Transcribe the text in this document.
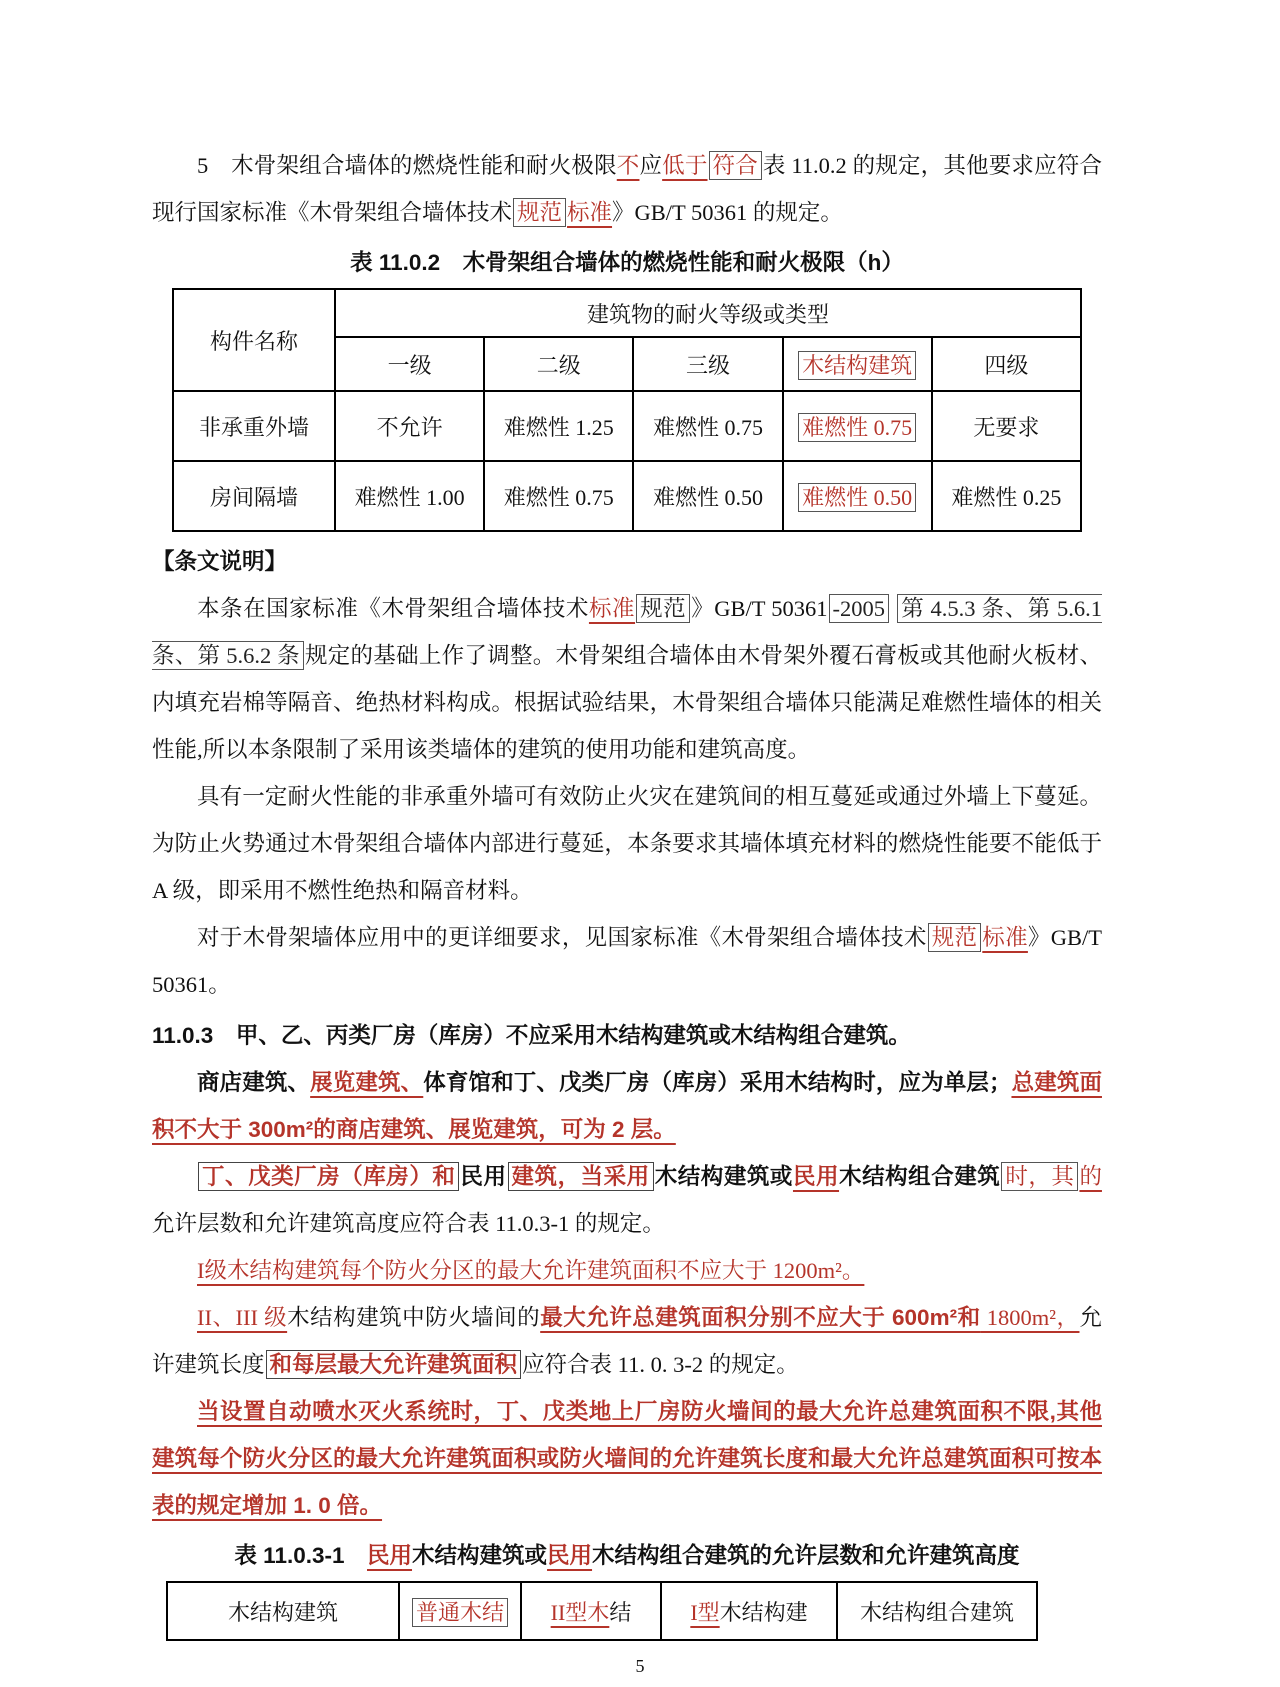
5　木骨架组合墙体的燃烧性能和耐火极限不应低于 符合 表 11.0.2 的规定，其他要求应符合现行国家标准《木骨架组合墙体技术 规范 标准》GB/T 50361 的规定。

表 11.0.2　木骨架组合墙体的燃烧性能和耐火极限（h）

构件名称	建筑物的耐火等级或类型				
	一级	二级	三级	木结构建筑	四级
非承重外墙	不允许	难燃性 1.25	难燃性 0.75	难燃性 0.75	无要求
房间隔墙	难燃性 1.00	难燃性 0.75	难燃性 0.50	难燃性 0.50	难燃性 0.25

【条文说明】

本条在国家标准《木骨架组合墙体技术标准 规范 》GB/T 50361 -2005 第 4.5.3 条、第 5.6.1 条、第 5.6.2 条 规定的基础上作了调整。木骨架组合墙体由木骨架外覆石膏板或其他耐火板材、内填充岩棉等隔音、绝热材料构成。根据试验结果，木骨架组合墙体只能满足难燃性墙体的相关性能,所以本条限制了采用该类墙体的建筑的使用功能和建筑高度。

具有一定耐火性能的非承重外墙可有效防止火灾在建筑间的相互蔓延或通过外墙上下蔓延。为防止火势通过木骨架组合墙体内部进行蔓延，本条要求其墙体填充材料的燃烧性能要不能低于 A 级，即采用不燃性绝热和隔音材料。

对于木骨架墙体应用中的更详细要求，见国家标准《木骨架组合墙体技术 规范 标准》GB/T 50361。

11.0.3　甲、乙、丙类厂房（库房）不应采用木结构建筑或木结构组合建筑。

商店建筑、展览建筑、体育馆和丁、戊类厂房（库房）采用木结构时，应为单层；总建筑面积不大于 300m²的商店建筑、展览建筑，可为 2 层。

丁、戊类厂房（库房）和 民用 建筑，当采用 木结构建筑或民用木结构组合建筑 时，其 的允许层数和允许建筑高度应符合表 11.0.3-1 的规定。

I级木结构建筑每个防火分区的最大允许建筑面积不应大于 1200m²。

II、III 级木结构建筑中防火墙间的最大允许总建筑面积分别不应大于 600m²和 1800m²，允许建筑长度 和每层最大允许建筑面积 应符合表 11. 0. 3-2 的规定。

当设置自动喷水灭火系统时，丁、戊类地上厂房防火墙间的最大允许总建筑面积不限,其他建筑每个防火分区的最大允许建筑面积或防火墙间的允许建筑长度和最大允许总建筑面积可按本表的规定增加 1. 0 倍。

表 11.0.3-1　民用木结构建筑或民用木结构组合建筑的允许层数和允许建筑高度

木结构建筑	普通木结	II型木结	I型木结构建	木结构组合建筑
5
